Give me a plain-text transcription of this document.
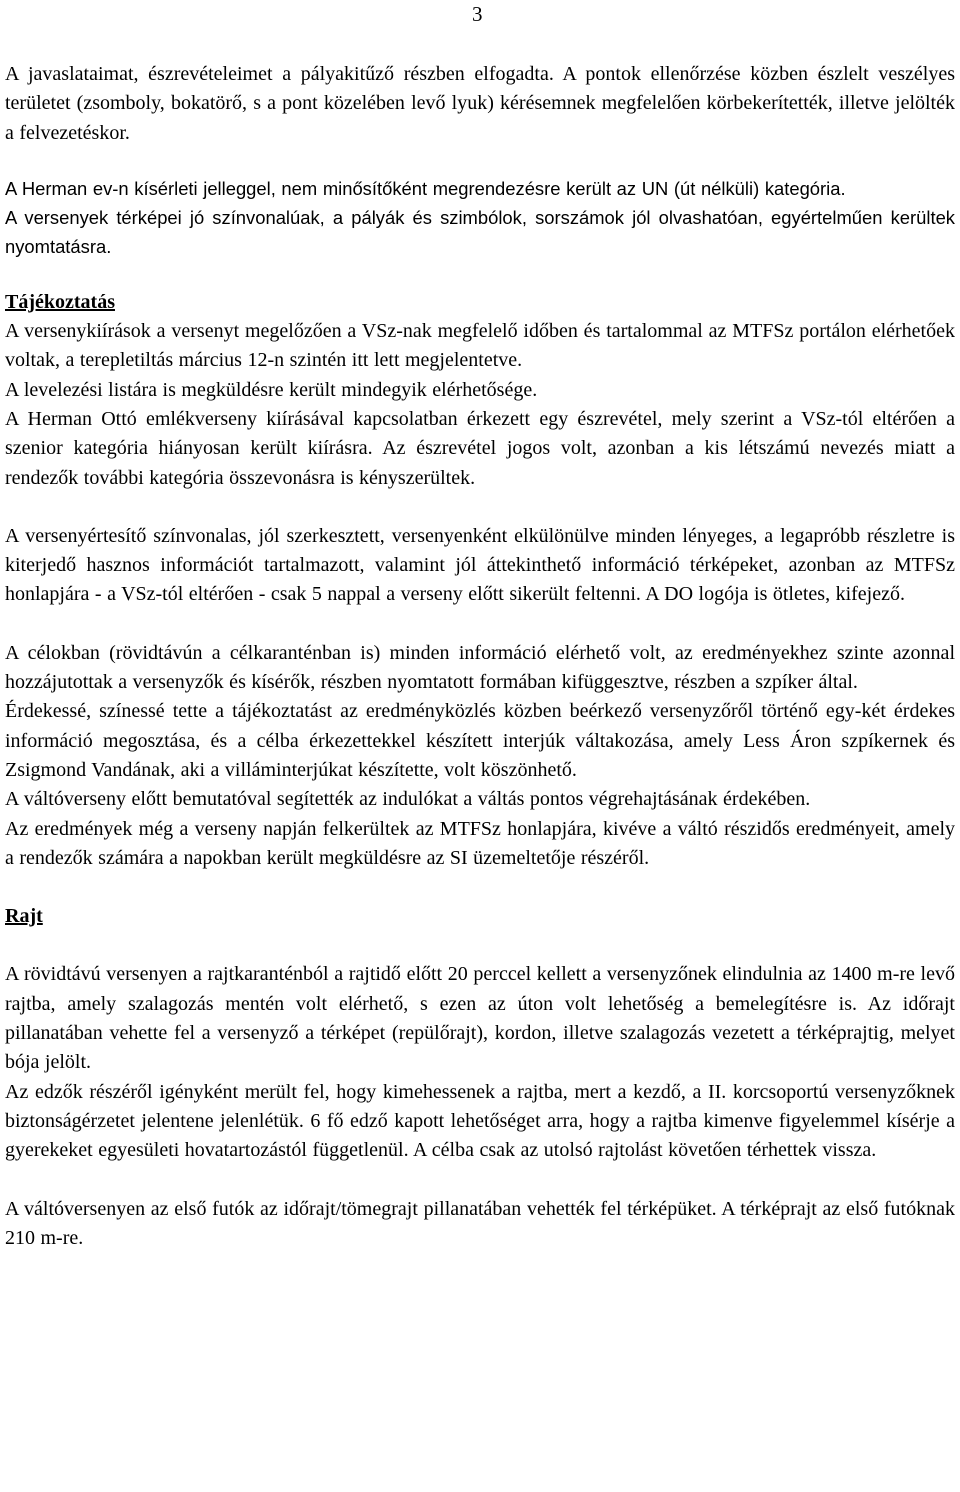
3

A javaslataimat, észrevételeimet a pályakitűző részben elfogadta. A pontok ellenőrzése közben észlelt veszélyes területet (zsomboly, bokatörő, s a pont közelében levő lyuk) kérésemnek megfelelően körbekerítették, illetve jelölték a felvezetéskor.

A Herman ev-n kísérleti jelleggel, nem minősítőként megrendezésre került az UN (út nélküli) kategória.

A versenyek térképei jó színvonalúak, a pályák és szimbólok, sorszámok jól olvashatóan, egyértelműen kerültek nyomtatásra.

Tájékoztatás

A versenykiírások a versenyt megelőzően a VSz-nak megfelelő időben és tartalommal az MTFSz portálon elérhetőek voltak, a terepletiltás március 12-n szintén itt lett megjelentetve.

A levelezési listára is megküldésre került mindegyik elérhetősége.

A Herman Ottó emlékverseny kiírásával kapcsolatban érkezett egy észrevétel, mely szerint a VSz-tól eltérően a szenior kategória hiányosan került kiírásra. Az észrevétel jogos volt, azonban a kis létszámú nevezés miatt a rendezők további kategória összevonásra is kényszerültek.

A versenyértesítő színvonalas, jól szerkesztett, versenyenként elkülönülve minden lényeges, a legapróbb részletre is kiterjedő hasznos információt tartalmazott, valamint jól áttekinthető információ térképeket, azonban az MTFSz honlapjára - a VSz-tól eltérően - csak 5 nappal a verseny előtt sikerült feltenni. A DO logója is ötletes, kifejező.

A célokban (rövidtávún a célkaranténban is) minden információ elérhető volt, az eredményekhez szinte azonnal hozzájutottak a versenyzők és kísérők, részben nyomtatott formában kifüggesztve, részben a szpíker által.

Érdekessé, színessé tette a tájékoztatást az eredményközlés közben beérkező versenyzőről történő egy-két érdekes információ megosztása, és a célba érkezettekkel készített interjúk váltakozása, amely Less Áron szpíkernek és Zsigmond Vandának, aki a villáminterjúkat készítette, volt köszönhető.

A váltóverseny előtt bemutatóval segítették az indulókat a váltás pontos végrehajtásának érdekében.

Az eredmények még a verseny napján felkerültek az MTFSz honlapjára, kivéve a váltó részidős eredményeit, amely a rendezők számára a napokban került megküldésre az SI üzemeltetője részéről.

Rajt

A rövidtávú versenyen a rajtkaranténból a rajtidő előtt 20 perccel kellett a versenyzőnek elindulnia az 1400 m-re levő rajtba, amely szalagozás mentén volt elérhető, s ezen az úton volt lehetőség a bemelegítésre is. Az időrajt pillanatában vehette fel a versenyző a térképet (repülőrajt), kordon, illetve szalagozás vezetett a térképrajtig, melyet bója jelölt.

Az edzők részéről igényként merült fel, hogy kimehessenek a rajtba, mert a kezdő, a II. korcsoportú versenyzőknek biztonságérzetet jelentene jelenlétük. 6 fő edző kapott lehetőséget arra, hogy a rajtba kimenve figyelemmel kísérje a gyerekeket egyesületi hovatartozástól függetlenül. A célba csak az utolsó rajtolást követően térhettek vissza.

A váltóversenyen az első futók az időrajt/tömegrajt pillanatában vehették fel térképüket. A térképrajt az első futóknak 210 m-re.
